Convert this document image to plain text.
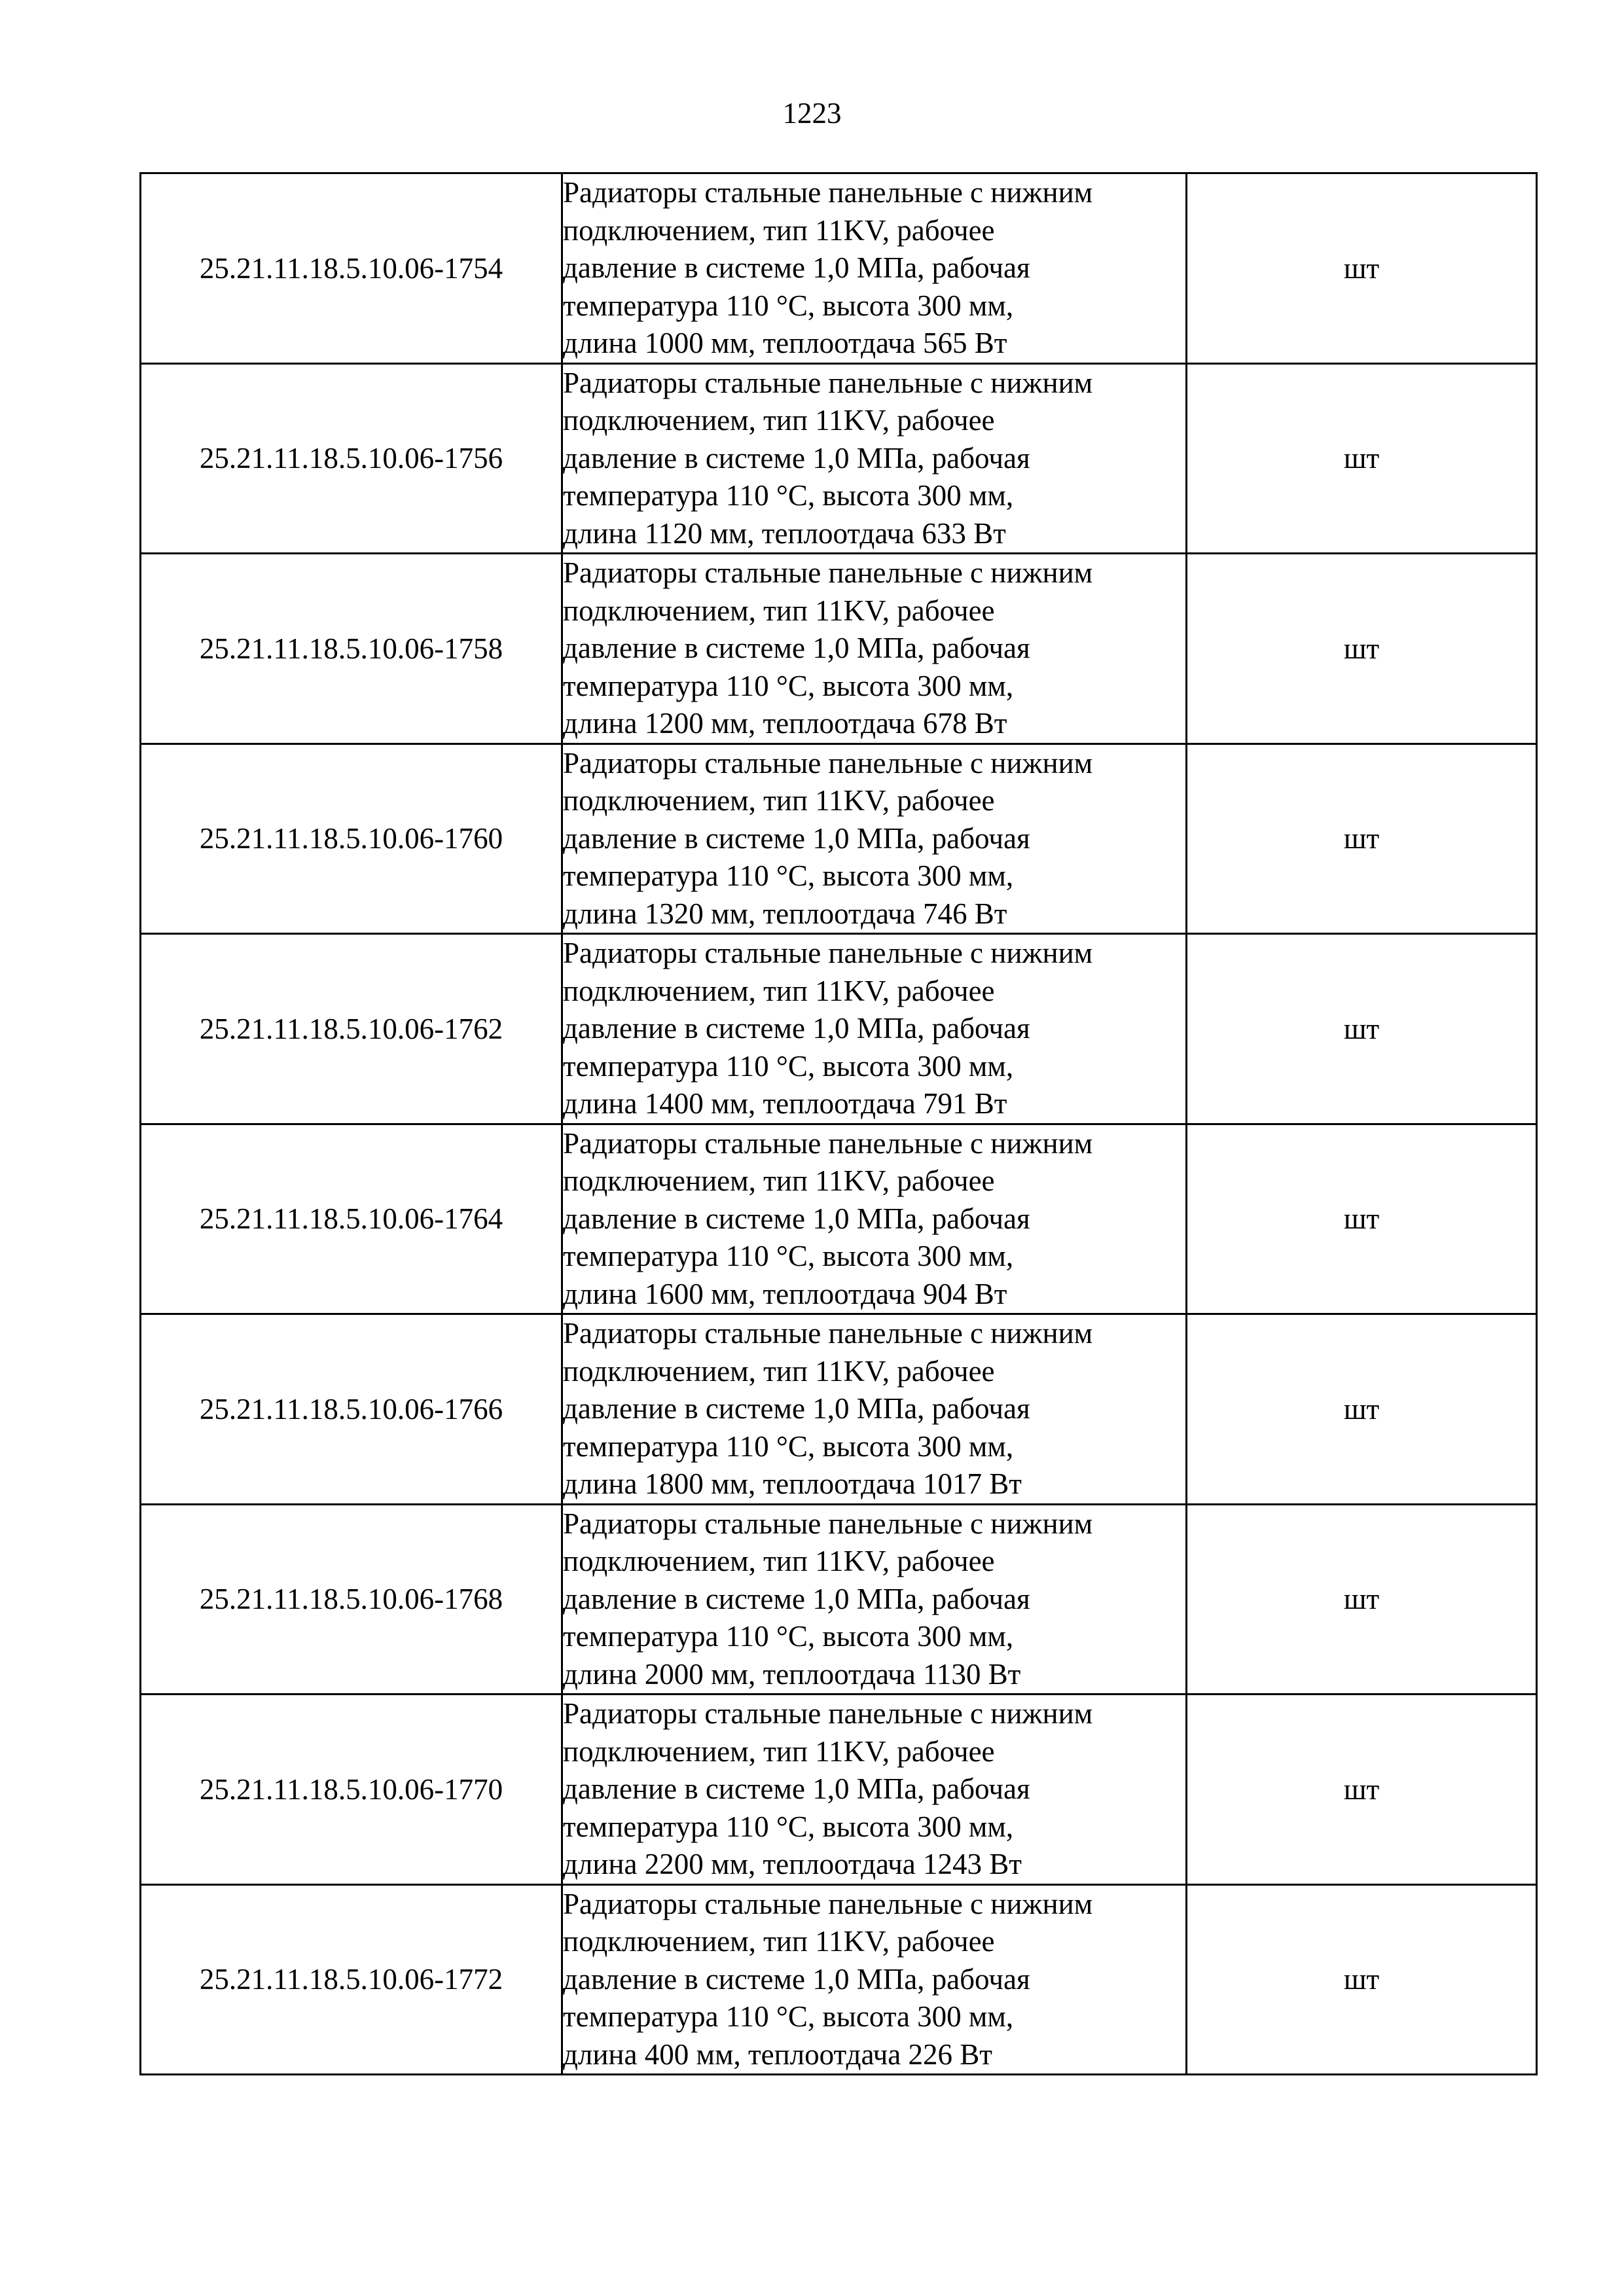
1223
25.21.11.18.5.10.06-1754	Радиаторы стальные панельные с нижним
подключением, тип 11KV, рабочее
давление в системе 1,0 МПа, рабочая
температура 110 °С, высота 300 мм,
длина 1000 мм, теплоотдача 565 Вт	шт
25.21.11.18.5.10.06-1756	Радиаторы стальные панельные с нижним
подключением, тип 11KV, рабочее
давление в системе 1,0 МПа, рабочая
температура 110 °С, высота 300 мм,
длина 1120 мм, теплоотдача 633 Вт	шт
25.21.11.18.5.10.06-1758	Радиаторы стальные панельные с нижним
подключением, тип 11KV, рабочее
давление в системе 1,0 МПа, рабочая
температура 110 °С, высота 300 мм,
длина 1200 мм, теплоотдача 678 Вт	шт
25.21.11.18.5.10.06-1760	Радиаторы стальные панельные с нижним
подключением, тип 11KV, рабочее
давление в системе 1,0 МПа, рабочая
температура 110 °С, высота 300 мм,
длина 1320 мм, теплоотдача 746 Вт	шт
25.21.11.18.5.10.06-1762	Радиаторы стальные панельные с нижним
подключением, тип 11KV, рабочее
давление в системе 1,0 МПа, рабочая
температура 110 °С, высота 300 мм,
длина 1400 мм, теплоотдача 791 Вт	шт
25.21.11.18.5.10.06-1764	Радиаторы стальные панельные с нижним
подключением, тип 11KV, рабочее
давление в системе 1,0 МПа, рабочая
температура 110 °С, высота 300 мм,
длина 1600 мм, теплоотдача 904 Вт	шт
25.21.11.18.5.10.06-1766	Радиаторы стальные панельные с нижним
подключением, тип 11KV, рабочее
давление в системе 1,0 МПа, рабочая
температура 110 °С, высота 300 мм,
длина 1800 мм, теплоотдача 1017 Вт	шт
25.21.11.18.5.10.06-1768	Радиаторы стальные панельные с нижним
подключением, тип 11KV, рабочее
давление в системе 1,0 МПа, рабочая
температура 110 °С, высота 300 мм,
длина 2000 мм, теплоотдача 1130 Вт	шт
25.21.11.18.5.10.06-1770	Радиаторы стальные панельные с нижним
подключением, тип 11KV, рабочее
давление в системе 1,0 МПа, рабочая
температура 110 °С, высота 300 мм,
длина 2200 мм, теплоотдача 1243 Вт	шт
25.21.11.18.5.10.06-1772	Радиаторы стальные панельные с нижним
подключением, тип 11KV, рабочее
давление в системе 1,0 МПа, рабочая
температура 110 °С, высота 300 мм,
длина 400 мм, теплоотдача 226 Вт	шт
